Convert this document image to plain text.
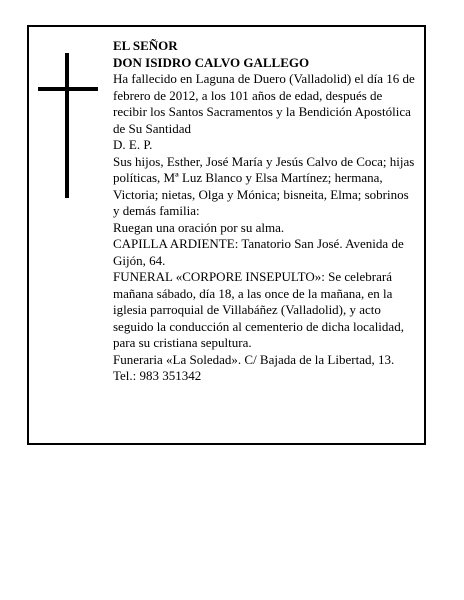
EL SEÑOR

DON ISIDRO CALVO GALLEGO

Ha fallecido en Laguna de Duero (Valladolid) el día 16 de febrero de 2012, a los 101 años de edad, después de recibir los Santos Sacramentos y la Bendición Apostólica de Su Santidad

D. E. P.

Sus hijos, Esther, José María y Jesús Calvo de Coca; hijas políticas, Mª Luz Blanco y Elsa Martínez; hermana, Victoria; nietas, Olga y Mónica; bisneita, Elma; sobrinos y demás familia:

Ruegan una oración por su alma.

CAPILLA ARDIENTE: Tanatorio San José. Avenida de Gijón, 64.

FUNERAL «CORPORE INSEPULTO»: Se celebrará mañana sábado, día 18, a las once de la mañana, en la iglesia parroquial de Villabáñez (Valladolid), y acto seguido la conducción al cementerio de dicha localidad, para su cristiana sepultura.

Funeraria «La Soledad». C/ Bajada de la Libertad, 13. Tel.: 983 351342
